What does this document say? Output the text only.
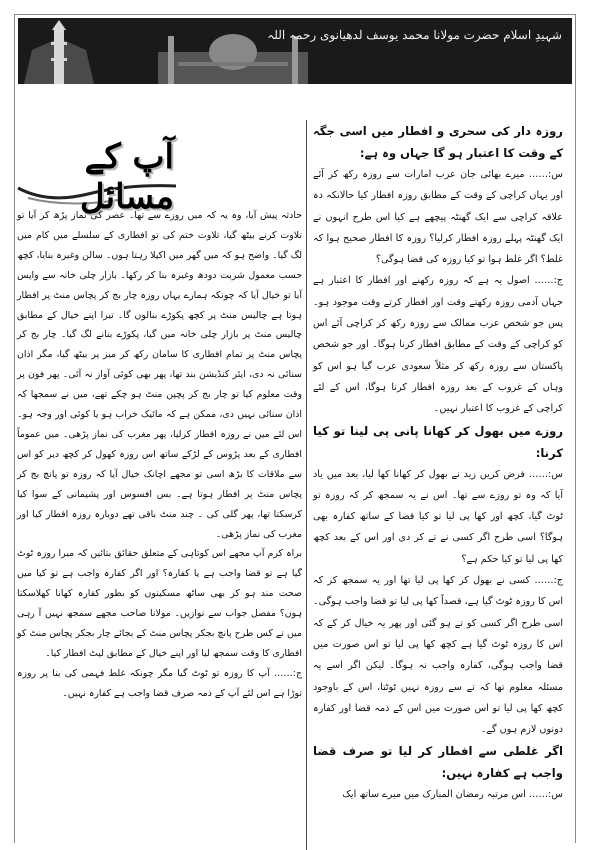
شہیدِ اسلام حضرت مولانا محمد یوسف لدھیانوی رحمہ اللہ
آپ کے مسائل

روزہ دار کی سحری و افطار میں اسی جگہ کے وقت کا اعتبار ہو گا جہاں وہ ہے:

س:…… میرے بھائی جان عرب امارات سے روزہ رکھ کر آئے اور یہاں کراچی کے وقت کے مطابق روزہ افطار کیا حالانکہ دہ علاقہ کراچی سے ایک گھنٹہ پیچھے ہے کیا اس طرح انہوں نے ایک گھنٹہ پہلے روزہ افطار کرلیا؟ روزہ کا افطار صحیح ہوا کہ غلط؟ اگر غلط ہوا تو کیا روزہ کی قضا ہوگی؟

ج:…… اصول یہ ہے کہ روزہ رکھنے اور افطار کا اعتبار ہے جہاں آدمی روزہ رکھتے وقت اور افطار کرتے وقت موجود ہو۔ پس جو شخص عرب ممالک سے روزہ رکھ کر کراچی آئے اس کو کراچی کے وقت کے مطابق افطار کرنا ہوگا۔ اور جو شخص پاکستان سے روزہ رکھ کر مثلاً سعودی عرب گیا ہو اس کو وہاں کے غروب کے بعد روزہ افطار کرنا ہوگا، اس کے لئے کراچی کے غروب کا اعتبار نہیں۔

روزے میں بھول کر کھانا پانی پی لینا تو کیا کرنا:

س:…… فرض کریں زید نے بھول کر کھانا کھا لیا، بعد میں یاد آیا کہ وہ تو روزے سے تھا۔ اس نے یہ سمجھ کر کہ روزہ تو ٹوٹ گیا، کچھ اور کھا پی لیا تو کیا قضا کے ساتھ کفارہ بھی ہوگا؟ اسی طرح اگر کسی نے تے کر دی اور اس کے بعد کچھ کھا پی لیا تو کیا حکم ہے؟

ج:…… کسی نے بھول کر کھا پی لیا تھا اور یہ سمجھ کر کہ اس کا روزہ ٹوٹ گیا ہے، قصداً کھا پی لیا تو قضا واجب ہوگی۔ اسی طرح اگر کسی کو تے ہو گئی اور پھر یہ خیال کر کے کہ اس کا روزہ ٹوٹ گیا ہے کچھ کھا پی لیا تو اس صورت میں قضا واجب ہوگی، کفارہ واجب نہ ہوگا۔ لیکن اگر اسے یہ مسئلہ معلوم تھا کہ تے سے روزہ نہیں ٹوٹتا، اس کے باوجود کچھ کھا پی لیا تو اس صورت میں اس کے ذمہ قضا اور کفارہ دونوں لازم ہوں گے۔

اگر غلطی سے افطار کر لیا تو صرف قضا واجب ہے کفارہ نہیں:

س:…… اس مرتبہ رمضان المبارک میں میرے ساتھ ایک

حادثہ پیش آیا، وہ یہ کہ میں روزے سے تھا۔ عصر کی نماز پڑھ کر آیا تو تلاوت کرنے بیٹھ گیا، تلاوت ختم کی تو افطاری کے سلسلے میں کام میں لگ گیا۔ واضح ہو کہ میں گھر میں اکیلا رہتا ہوں۔ سالن وغیرہ بنایا، کچھ حسب معمول شربت دودھ وغیرہ بنا کر رکھا۔ بازار چلی خانہ سے واپس آیا تو خیال آیا کہ چونکہ ہمارے یہاں روزہ چار بج کر پچاس منٹ پر افطار ہوتا ہے چالیس منٹ پر کچھ پکوڑے بنالوں گا۔ تیرا اپنے خیال کے مطابق چالیس منٹ پر بازار چلی خانہ میں گیا، پکوڑے بنانے لگ گیا۔ چار بج کر پچاس منٹ پر تمام افطاری کا سامان رکھ کر میز پر بیٹھ گیا، مگر اذان سنائی نہ دی، ایئر کنڈیشن بند تھا، پھر بھی کوئی آواز نہ آئی۔ پھر فون پر وقت معلوم کیا تو چار بج کر پچپن منٹ ہو چکے تھے، میں نے سمجھا کہ اذان سنائی نہیں دی، ممکن ہے کہ مائیک خراب ہو یا کوئی اور وجہ ہو۔ اس لئے میں نے روزہ افطار کرلیا، پھر مغرب کی نماز پڑھی۔ میں عموماً افطاری کے بعد پڑوس کے لڑکے ساتھ اس روزہ کھول کر کچھ دیر کو اس سے ملاقات کا بڑھ اسی تو مجھے اچانک خیال آیا کہ روزہ تو پانچ بج کر پچاس منٹ پر افطار ہوتا ہے۔ بس افسوس اور پشیمانی کے سوا کیا کرسکتا تھا، پھر گلی کی ۔ چند منٹ باقی تھے دوبارہ روزہ افطار کیا اور مغرب کی نماز پڑھی۔

براہ کرم آپ مجھے اس کوتاہی کے متعلق حقائق بتائیں کہ میرا روزہ ٹوٹ گیا ہے تو قضا واجب ہے یا کفارہ؟ اور اگر کفارہ واجب ہے تو کیا میں صحت مند ہو کر بھی ساٹھ مسکینوں کو بطور کفارہ کھانا کھلاسکتا ہوں؟ مفصل جواب سے نوازیں۔ مولانا صاحب مجھے سمجھ نہیں آ رہی میں نے کس طرح پانچ بجکر پچاس منٹ کے بجائے چار بجکر پچاس منٹ کو افطاری کا وقت سمجھ لیا اور اپنے خیال کے مطابق لیٹ افطار کیا۔

ج:…… آپ کا روزہ تو ٹوٹ گیا مگر چونکہ غلط فہمی کی بنا پر روزہ توڑا ہے اس لئے آپ کے ذمہ صرف قضا واجب ہے کفارہ نہیں۔
